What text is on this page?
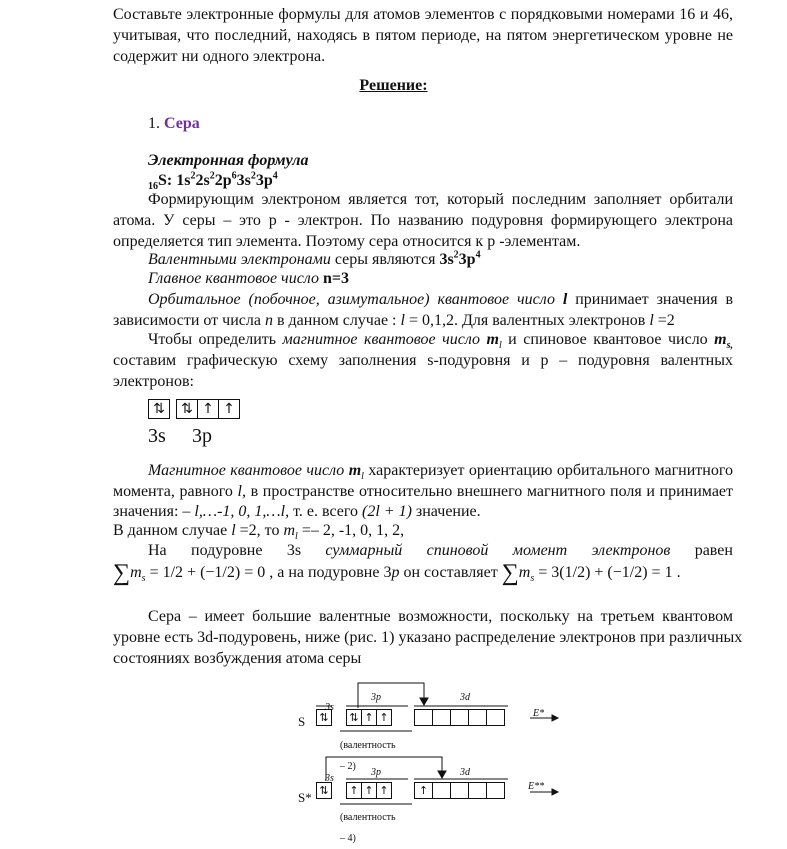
Составьте электронные формулы для атомов элементов с порядковыми номерами 16 и 46,
учитывая, что последний, находясь в пятом периоде, на пятом энергетическом уровне не
содержит ни одного электрона.
Решение:
1. Сера
Электронная формула
$_{16}$S: $1s^22s^22p^63s^23p^4$
Формирующим электроном является тот, который последним заполняет орбитали
атома. У серы – это р - электрон. По названию подуровня формирующего электрона
определяется тип элемента. Поэтому сера относится к р -элементам.
Валентными электронами серы являются $3s^23p^4$
Главное квантовое число n=3
Орбитальное (побочное, азимутальное) квантовое число l принимает значения в
зависимости от числа n в данном случае : l = 0,1,2. Для валентных электронов l =2
Чтобы определить магнитное квантовое число $m_l$ и спиновое квантовое число $m_{s,}$
составим графическую схему заполнения s-подуровня и р – подуровня валентных
электронов:
⇅	⇅ ↑ ↑
3s 3p
Магнитное квантовое число $m_l$ характеризует ориентацию орбитального магнитного
момента, равного l, в пространстве относительно внешнего магнитного поля и принимает
значения: – l,…-1, 0, 1,…l, т. е. всего (2l + 1) значение.
В данном случае l =2, то $m_l =- 2$, -1, 0, 1, 2,
На подуровне 3s суммарный спиновой момент электронов равен
$\sum m_s = 1/2 + (-1/2) = 0$ , а на подуровне 3p он составляет $\sum m_s = 3(1/2) + (-1/2) = 1$ .
Сера – имеет большие валентные возможности, поскольку на третьем квантовом
уровне есть 3d-подуровень, ниже (рис. 1) указано распределение электронов при различных
состояниях возбуждения атома серы
3s
3p	3d
S	⇅	⇅ ↑ ↑	E*
(валентность – 2)
3s
3p	3d
S* ⇅	↑ ↑ ↑	↑	E**
(валентность – 4)
